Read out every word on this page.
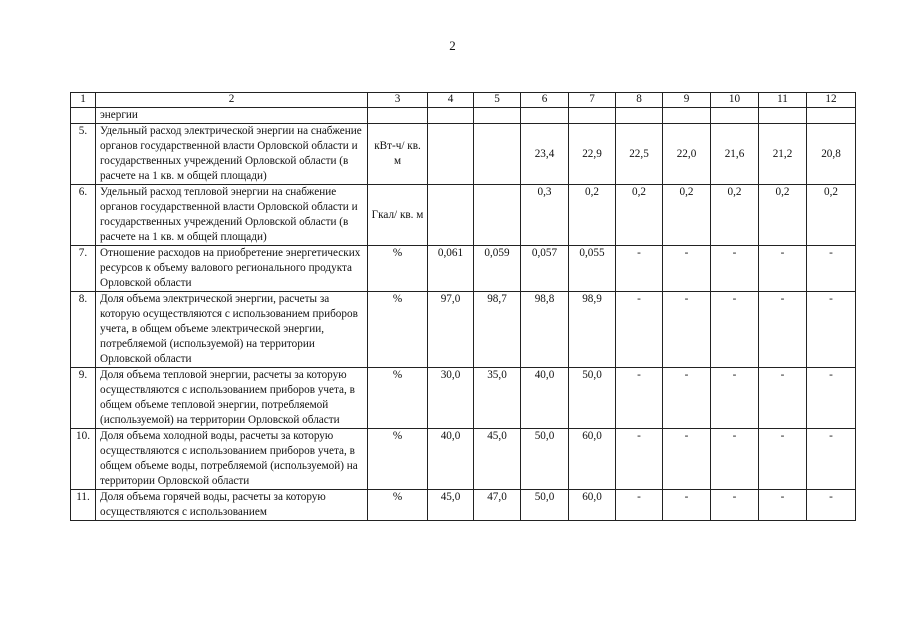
2
1	2	3	4	5	6	7	8	9	10	11	12
	энергии										
5.	Удельный расход электрической энергии на снабжение органов государственной власти Орловской области и государственных учреждений Орловской области (в расчете на 1 кв. м общей площади)	кВт-ч/ кв. м			23,4	22,9	22,5	22,0	21,6	21,2	20,8
6.	Удельный расход тепловой энергии на снабжение органов государственной власти Орловской области и государственных учреждений Орловской области (в расчете на 1 кв. м общей площади)	Гкал/ кв. м			0,3	0,2	0,2	0,2	0,2	0,2	0,2
7.	Отношение расходов на приобретение энергетических ресурсов к объему валового регионального продукта Орловской области	%	0,061	0,059	0,057	0,055	-	-	-	-	-
8.	Доля объема электрической энергии, расчеты за которую осуществляются с использованием приборов учета, в общем объеме электрической энергии, потребляемой (используемой) на территории Орловской области	%	97,0	98,7	98,8	98,9	-	-	-	-	-
9.	Доля объема тепловой энергии, расчеты за которую осуществляются с использованием приборов учета, в общем объеме тепловой энергии, потребляемой (используемой) на территории Орловской области	%	30,0	35,0	40,0	50,0	-	-	-	-	-
10.	Доля объема холодной воды, расчеты за которую осуществляются с использованием приборов учета, в общем объеме воды, потребляемой (используемой) на территории Орловской области	%	40,0	45,0	50,0	60,0	-	-	-	-	-
11.	Доля объема горячей воды, расчеты за которую осуществляются с использованием	%	45,0	47,0	50,0	60,0	-	-	-	-	-
